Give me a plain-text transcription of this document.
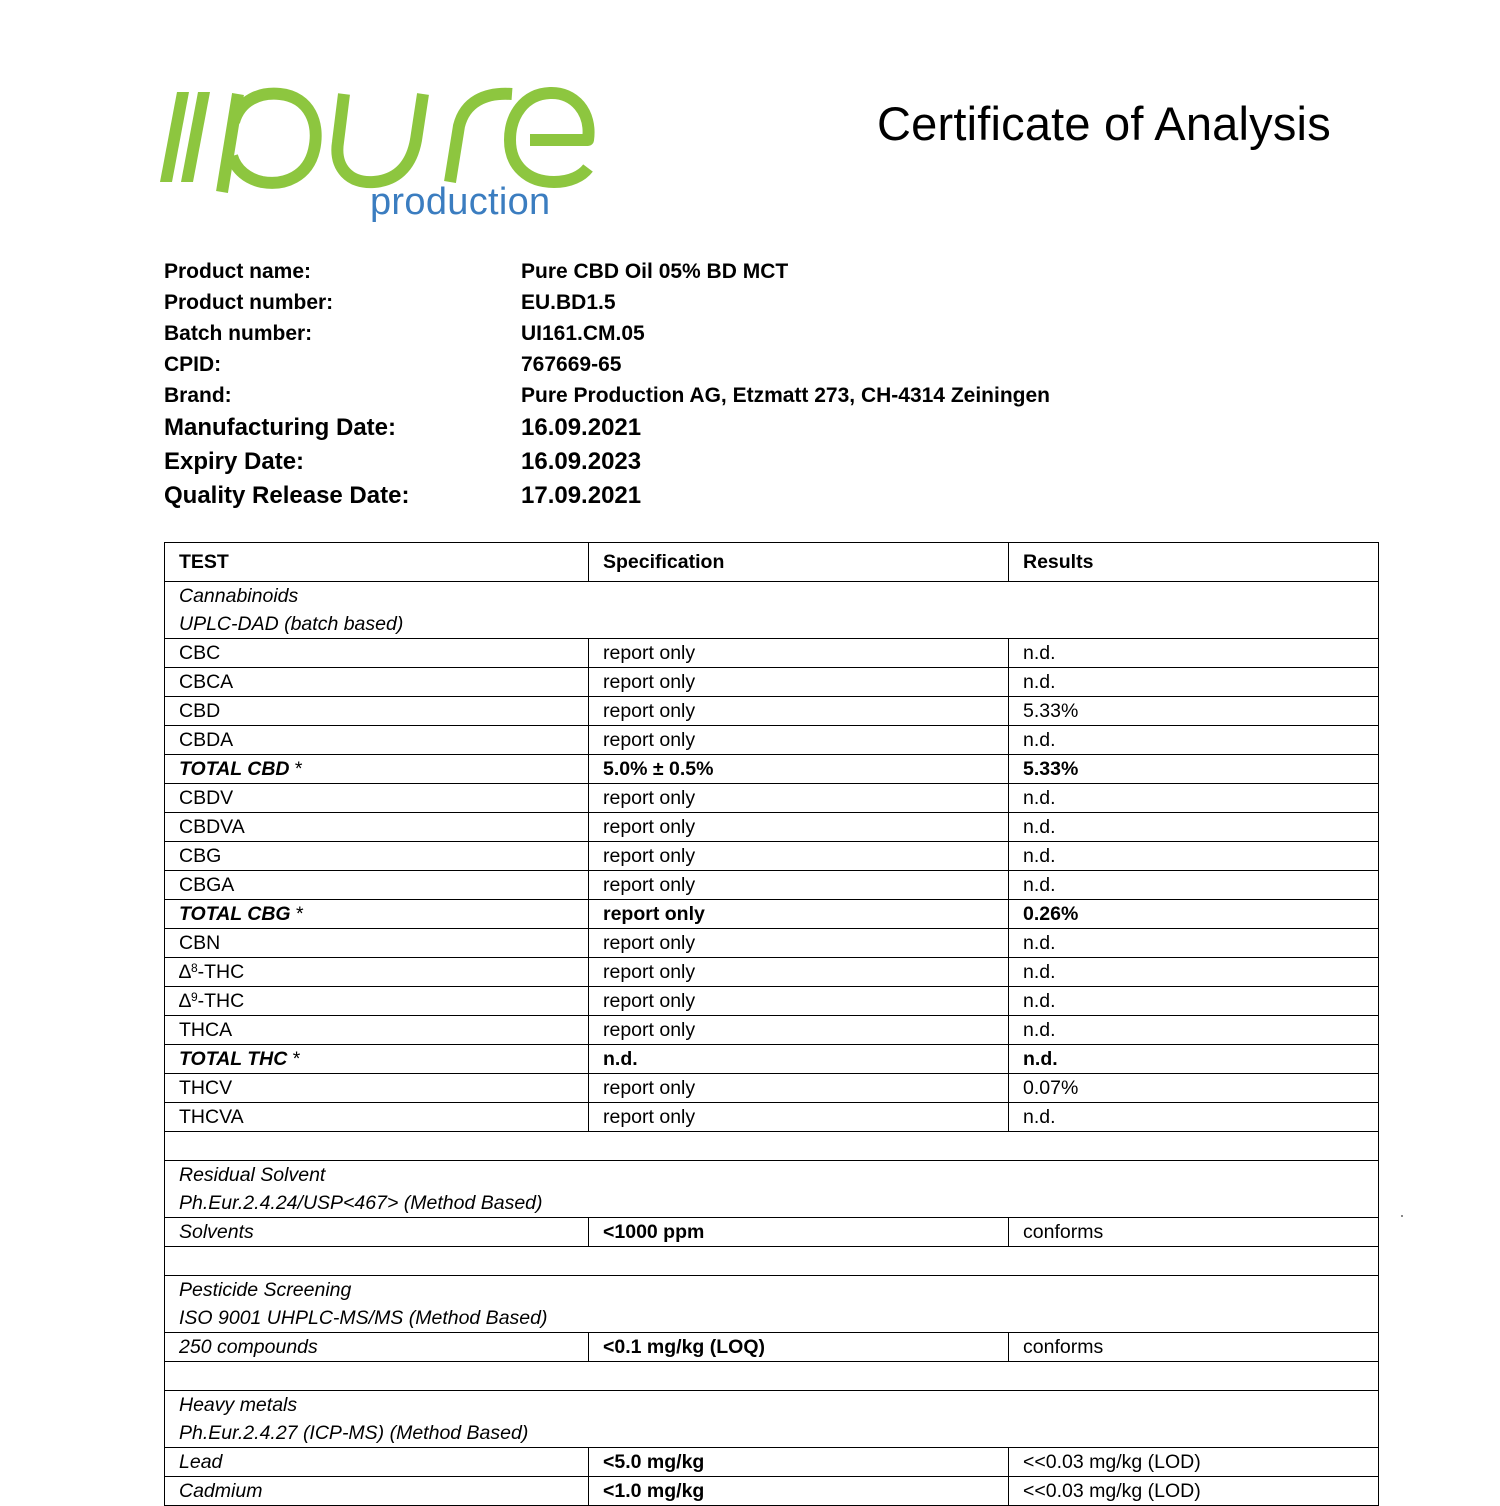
production
Certificate of Analysis
Product name:	Pure CBD Oil 05% BD MCT
Product number:	EU.BD1.5
Batch number:	UI161.CM.05
CPID:	767669-65
Brand:	Pure Production AG, Etzmatt 273, CH-4314 Zeiningen
Manufacturing Date:	16.09.2021
Expiry Date:	16.09.2023
Quality Release Date:	17.09.2021
TEST	Specification	Results

Cannabinoids
UPLC-DAD (batch based)		

CBC	report only	n.d.
CBCA	report only	n.d.
CBD	report only	5.33%
CBDA	report only	n.d.
TOTAL CBD *	5.0% ± 0.5%	5.33%
CBDV	report only	n.d.
CBDVA	report only	n.d.
CBG	report only	n.d.
CBGA	report only	n.d.
TOTAL CBG *	report only	0.26%
CBN	report only	n.d.
∆$^8$-THC	report only	n.d.
∆$^9$-THC	report only	n.d.
THCA	report only	n.d.
TOTAL THC *	n.d.	n.d.
THCV	report only	0.07%
THCVA	report only	n.d.

Residual Solvent
Ph.Eur.2.4.24/USP<467> (Method Based)		

Solvents	<1000 ppm	conforms

Pesticide Screening
ISO 9001 UHPLC-MS/MS (Method Based)		

250 compounds	<0.1 mg/kg (LOQ)	conforms

Heavy metals
Ph.Eur.2.4.27 (ICP-MS) (Method Based)		

Lead	<5.0 mg/kg	<<0.03 mg/kg (LOD)
Cadmium	<1.0 mg/kg	<<0.03 mg/kg (LOD)
